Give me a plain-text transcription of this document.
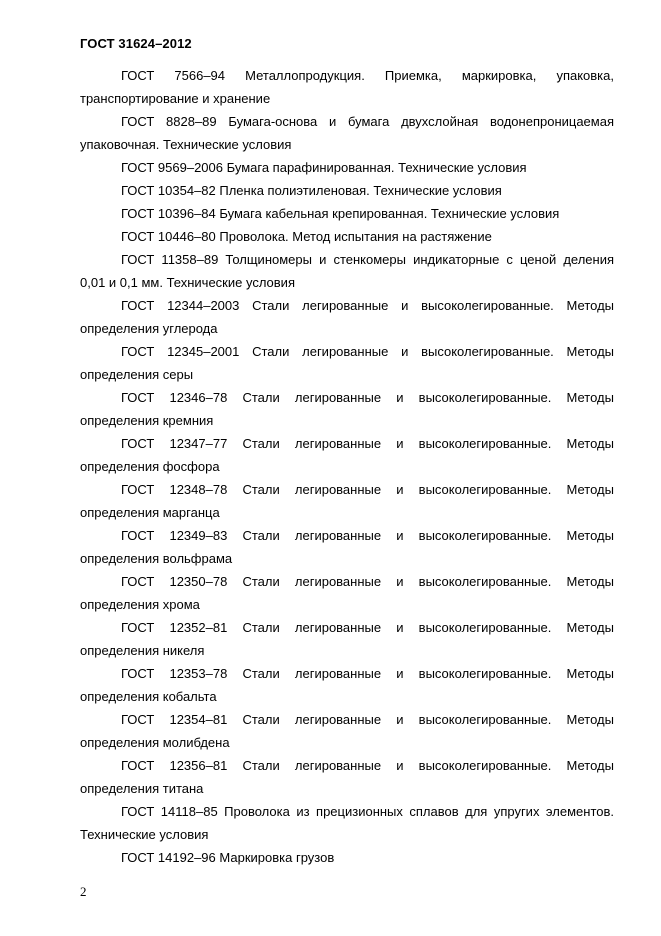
ГОСТ 31624–2012

ГОСТ 7566–94 Металлопродукция. Приемка, маркировка, упаковка, транспортирование и хранение

ГОСТ 8828–89 Бумага-основа и бумага двухслойная водонепроницаемая упаковочная. Технические условия

ГОСТ 9569–2006 Бумага парафинированная. Технические условия

ГОСТ 10354–82 Пленка полиэтиленовая. Технические условия

ГОСТ 10396–84 Бумага кабельная крепированная. Технические условия

ГОСТ 10446–80 Проволока. Метод испытания на растяжение

ГОСТ 11358–89 Толщиномеры и стенкомеры индикаторные с ценой деления 0,01 и 0,1 мм. Технические условия

ГОСТ 12344–2003 Стали легированные и высоколегированные. Методы определения углерода

ГОСТ 12345–2001 Стали легированные и высоколегированные. Методы определения серы

ГОСТ 12346–78 Стали легированные и высоколегированные. Методы определения кремния

ГОСТ 12347–77 Стали легированные и высоколегированные. Методы определения фосфора

ГОСТ 12348–78 Стали легированные и высоколегированные. Методы определения марганца

ГОСТ 12349–83 Стали легированные и высоколегированные. Методы определения вольфрама

ГОСТ 12350–78 Стали легированные и высоколегированные. Методы определения хрома

ГОСТ 12352–81 Стали легированные и высоколегированные. Методы определения никеля

ГОСТ 12353–78 Стали легированные и высоколегированные. Методы определения кобальта

ГОСТ 12354–81 Стали легированные и высоколегированные. Методы определения молибдена

ГОСТ 12356–81 Стали легированные и высоколегированные. Методы определения титана

ГОСТ 14118–85 Проволока из прецизионных сплавов для упругих элементов. Технические условия

ГОСТ 14192–96 Маркировка грузов

2
